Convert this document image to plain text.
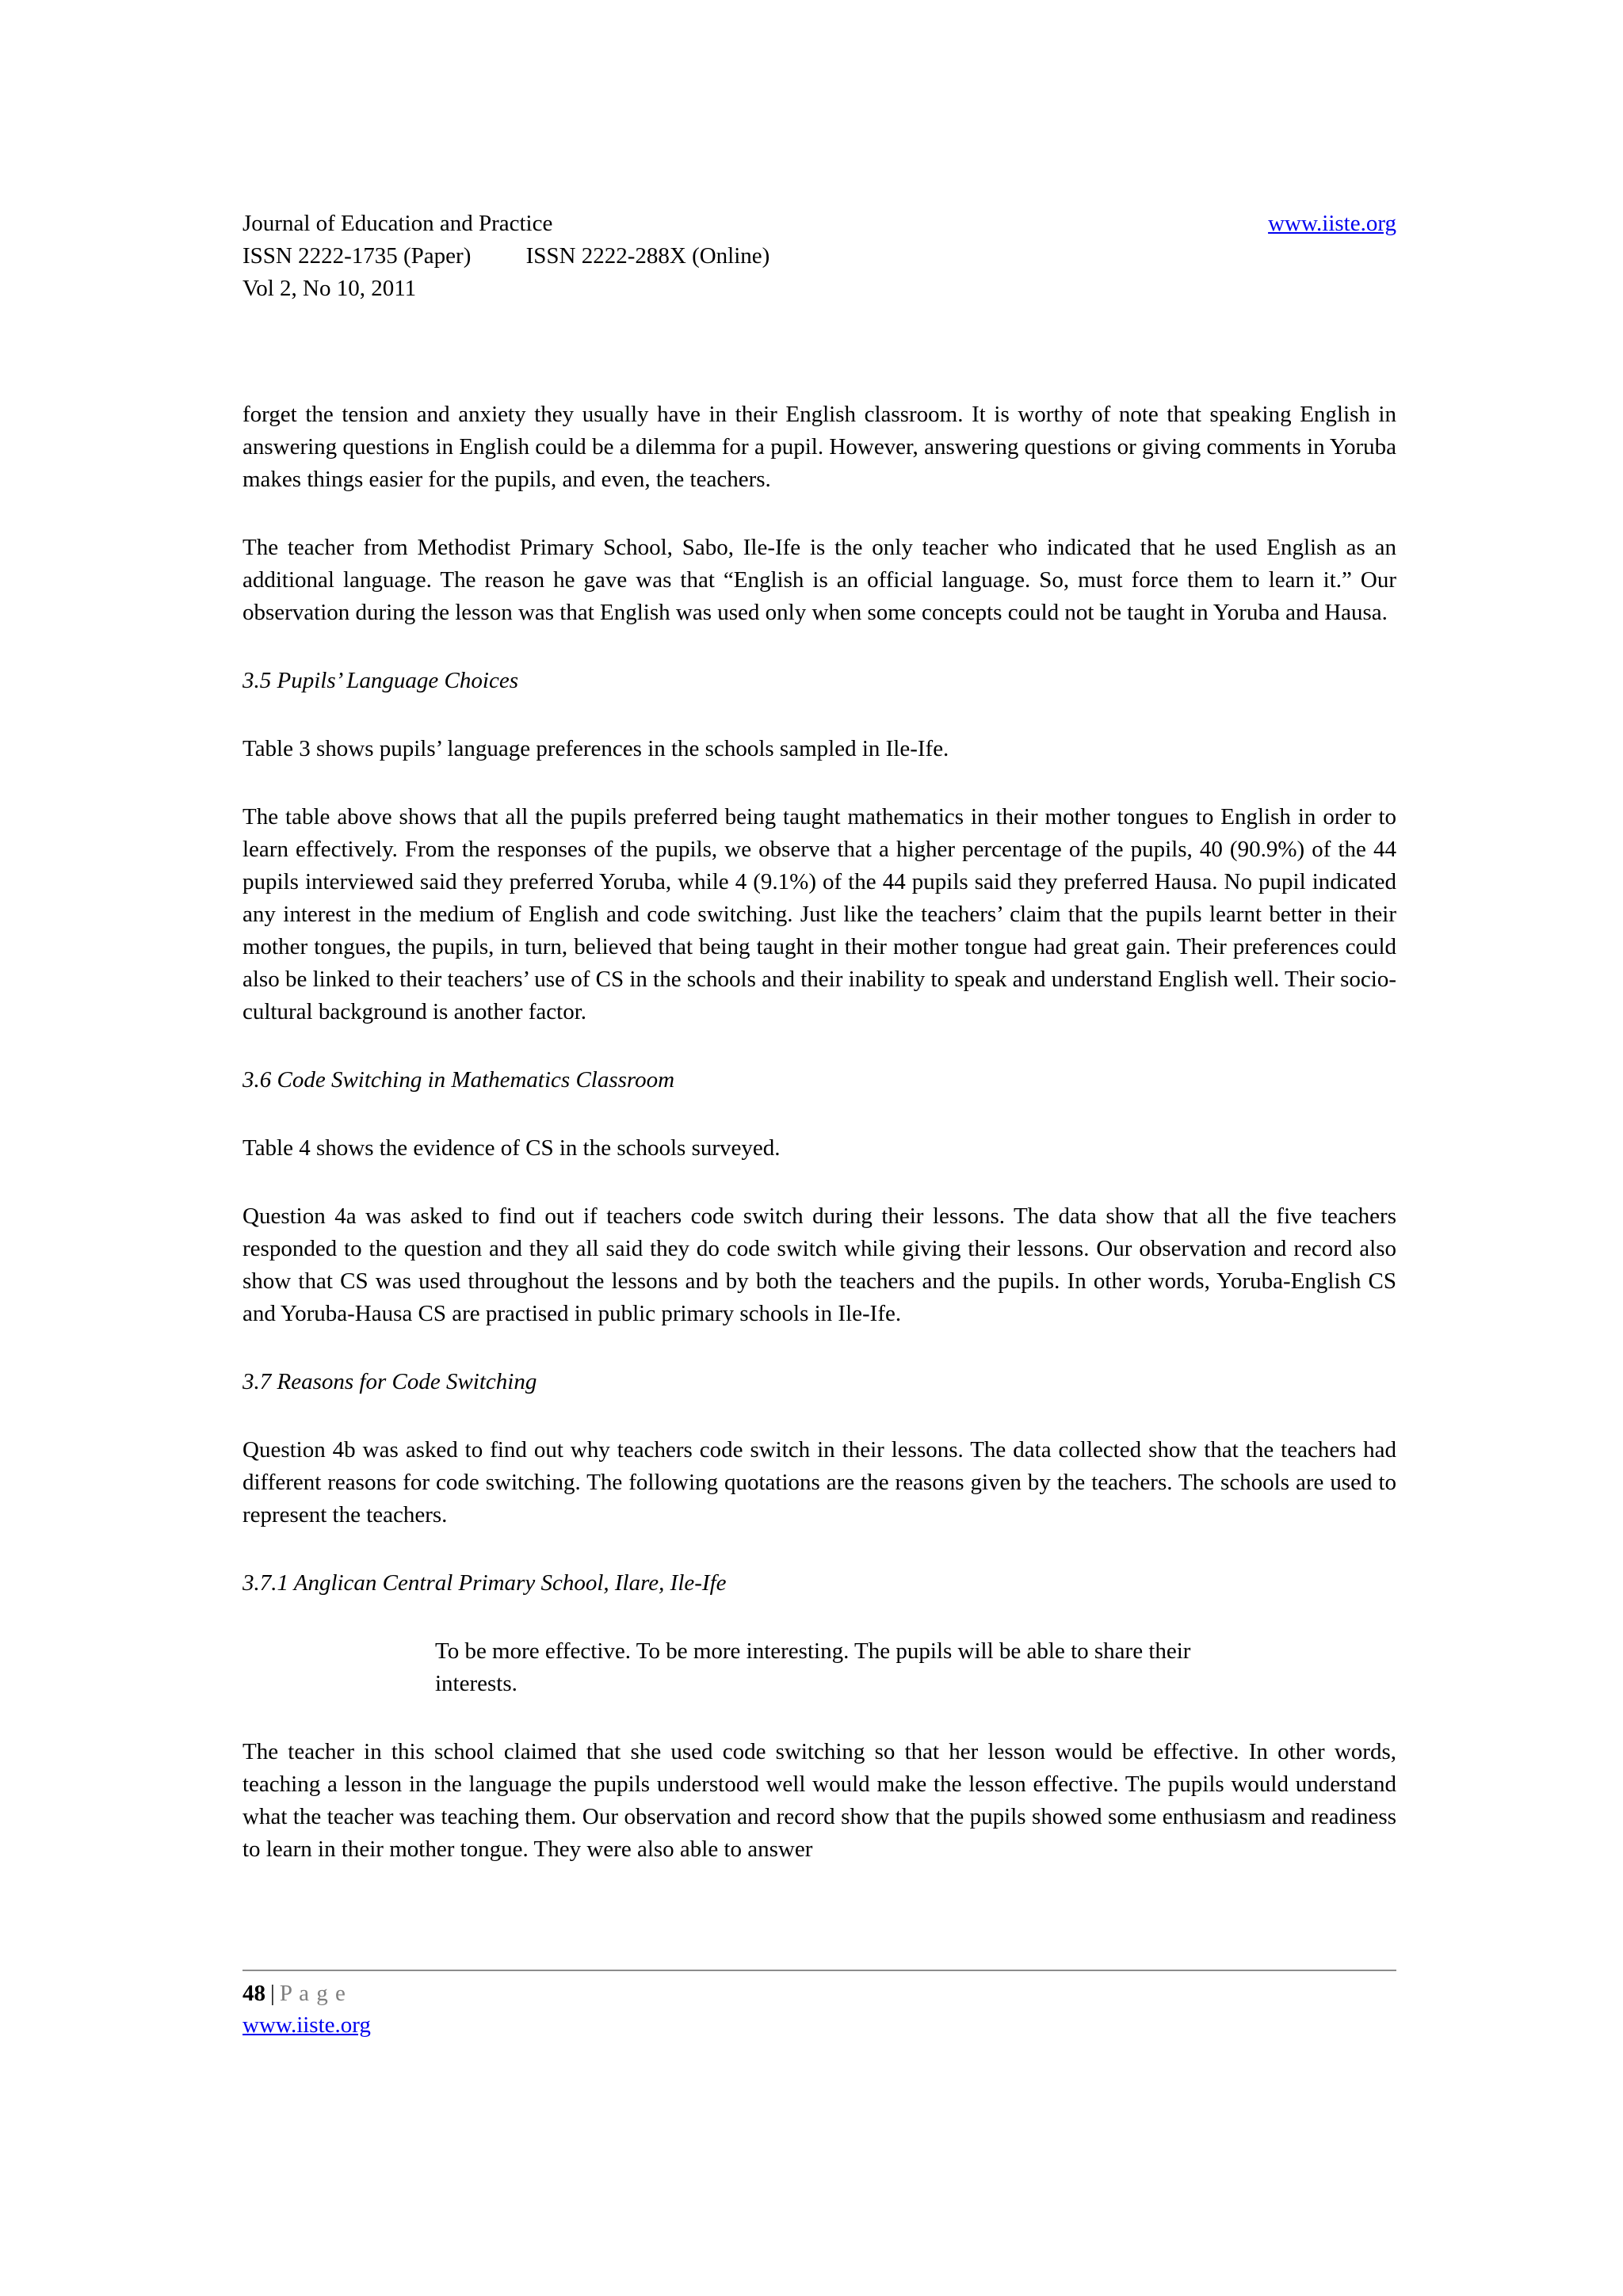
Journal of Education and Practice
ISSN 2222-1735 (Paper) ISSN 2222-288X (Online)
Vol 2, No 10, 2011
www.iiste.org

forget the tension and anxiety they usually have in their English classroom. It is worthy of note that speaking English in answering questions in English could be a dilemma for a pupil. However, answering questions or giving comments in Yoruba makes things easier for the pupils, and even, the teachers.

The teacher from Methodist Primary School, Sabo, Ile-Ife is the only teacher who indicated that he used English as an additional language. The reason he gave was that “English is an official language. So, must force them to learn it.” Our observation during the lesson was that English was used only when some concepts could not be taught in Yoruba and Hausa.

3.5 Pupils’ Language Choices

Table 3 shows pupils’ language preferences in the schools sampled in Ile-Ife.

The table above shows that all the pupils preferred being taught mathematics in their mother tongues to English in order to learn effectively. From the responses of the pupils, we observe that a higher percentage of the pupils, 40 (90.9%) of the 44 pupils interviewed said they preferred Yoruba, while 4 (9.1%) of the 44 pupils said they preferred Hausa. No pupil indicated any interest in the medium of English and code switching. Just like the teachers’ claim that the pupils learnt better in their mother tongues, the pupils, in turn, believed that being taught in their mother tongue had great gain. Their preferences could also be linked to their teachers’ use of CS in the schools and their inability to speak and understand English well. Their socio-cultural background is another factor.

3.6 Code Switching in Mathematics Classroom

Table 4 shows the evidence of CS in the schools surveyed.

Question 4a was asked to find out if teachers code switch during their lessons. The data show that all the five teachers responded to the question and they all said they do code switch while giving their lessons. Our observation and record also show that CS was used throughout the lessons and by both the teachers and the pupils. In other words, Yoruba-English CS and Yoruba-Hausa CS are practised in public primary schools in Ile-Ife.

3.7 Reasons for Code Switching

Question 4b was asked to find out why teachers code switch in their lessons. The data collected show that the teachers had different reasons for code switching. The following quotations are the reasons given by the teachers. The schools are used to represent the teachers.

3.7.1 Anglican Central Primary School, Ilare, Ile-Ife

To be more effective. To be more interesting. The pupils will be able to share their interests.

The teacher in this school claimed that she used code switching so that her lesson would be effective. In other words, teaching a lesson in the language the pupils understood well would make the lesson effective. The pupils would understand what the teacher was teaching them. Our observation and record show that the pupils showed some enthusiasm and readiness to learn in their mother tongue. They were also able to answer

48 | P a g e
www.iiste.org
